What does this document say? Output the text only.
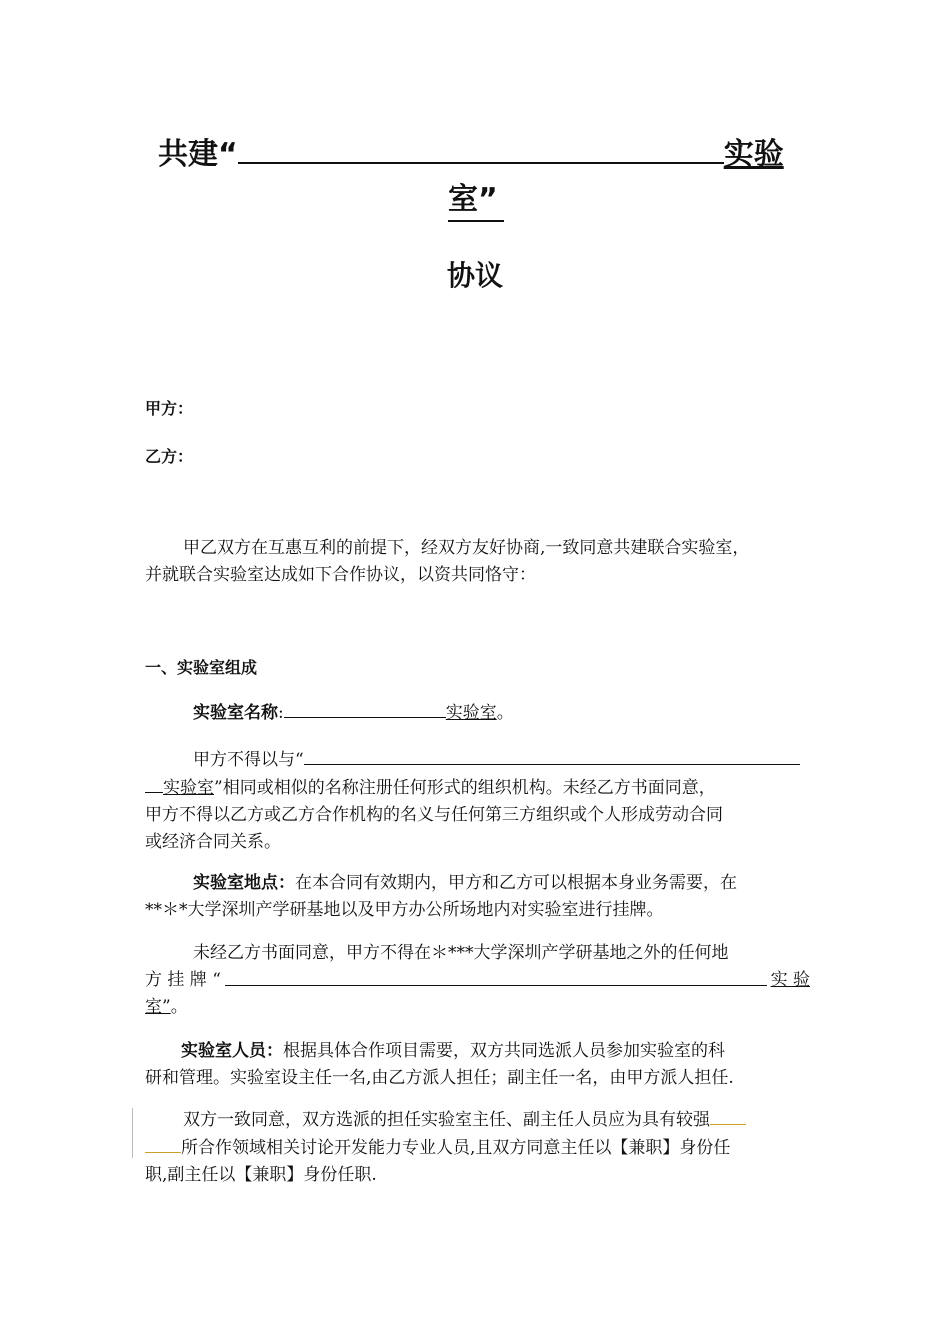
共建“	实验
室”
协议
甲方：
乙方：
甲乙双方在互惠互利的前提下，经双方友好协商,一致同意共建联合实验室，
并就联合实验室达成如下合作协议，以资共同恪守：
一、实验室组成
实验室名称:	实验室。
甲方不得以与“
实验室”相同或相似的名称注册任何形式的组织机构。未经乙方书面同意，
甲方不得以乙方或乙方合作机构的名义与任何第三方组织或个人形成劳动合同
或经济合同关系。
实验室地点：在本合同有效期内，甲方和乙方可以根据本身业务需要，在
**＊*大学深圳产学研基地以及甲方办公所场地内对实验室进行挂牌。
未经乙方书面同意，甲方不得在＊***大学深圳产学研基地之外的任何地
方 挂 牌 “	实 验
室”。
实验室人员：根据具体合作项目需要，双方共同选派人员参加实验室的科
研和管理。实验室设主任一名,由乙方派人担任；副主任一名，由甲方派人担任.
双方一致同意，双方选派的担任实验室主任、副主任人员应为具有较强
所合作领域相关讨论开发能力专业人员,且双方同意主任以【兼职】身份任
职,副主任以【兼职】身份任职.
